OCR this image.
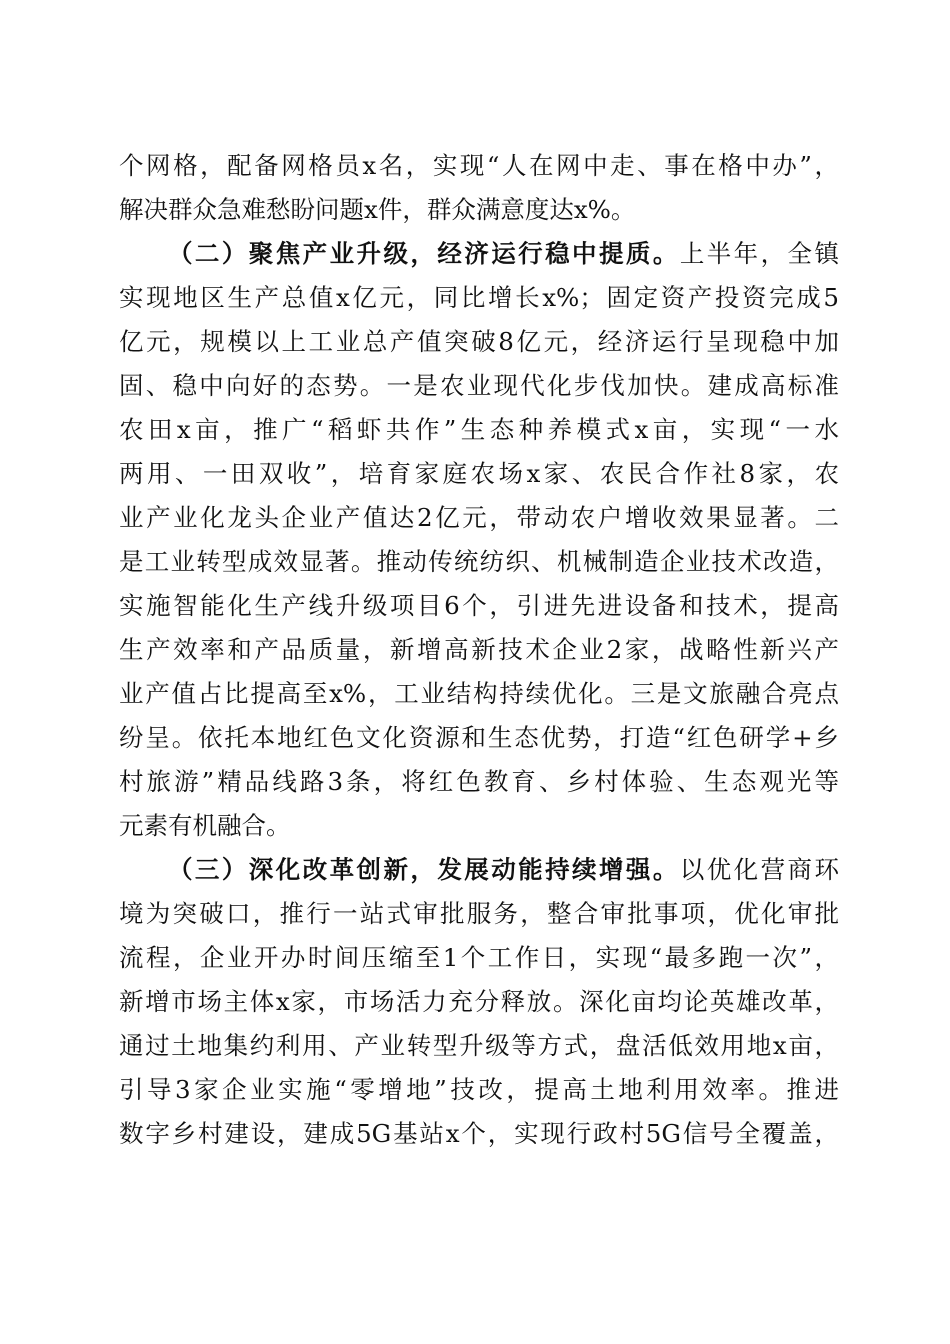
个网格，配备网格员x名，实现“人在网中走、事在格中办”，
解决群众急难愁盼问题x件，群众满意度达x%。
（二）聚焦产业升级，经济运行稳中提质。上半年，全镇
实现地区生产总值x亿元，同比增长x%；固定资产投资完成5
亿元，规模以上工业总产值突破8亿元，经济运行呈现稳中加
固、稳中向好的态势。一是农业现代化步伐加快。建成高标准
农田x亩，推广“稻虾共作”生态种养模式x亩，实现“一水
两用、一田双收”，培育家庭农场x家、农民合作社8家，农
业产业化龙头企业产值达2亿元，带动农户增收效果显著。二
是工业转型成效显著。推动传统纺织、机械制造企业技术改造，
实施智能化生产线升级项目6个，引进先进设备和技术，提高
生产效率和产品质量，新增高新技术企业2家，战略性新兴产
业产值占比提高至x%，工业结构持续优化。三是文旅融合亮点
纷呈。依托本地红色文化资源和生态优势，打造“红色研学+乡
村旅游”精品线路3条，将红色教育、乡村体验、生态观光等
元素有机融合。
（三）深化改革创新，发展动能持续增强。以优化营商环
境为突破口，推行一站式审批服务，整合审批事项，优化审批
流程，企业开办时间压缩至1个工作日，实现“最多跑一次”，
新增市场主体x家，市场活力充分释放。深化亩均论英雄改革，
通过土地集约利用、产业转型升级等方式，盘活低效用地x亩，
引导3家企业实施“零增地”技改，提高土地利用效率。推进
数字乡村建设，建成5G基站x个，实现行政村5G信号全覆盖，
